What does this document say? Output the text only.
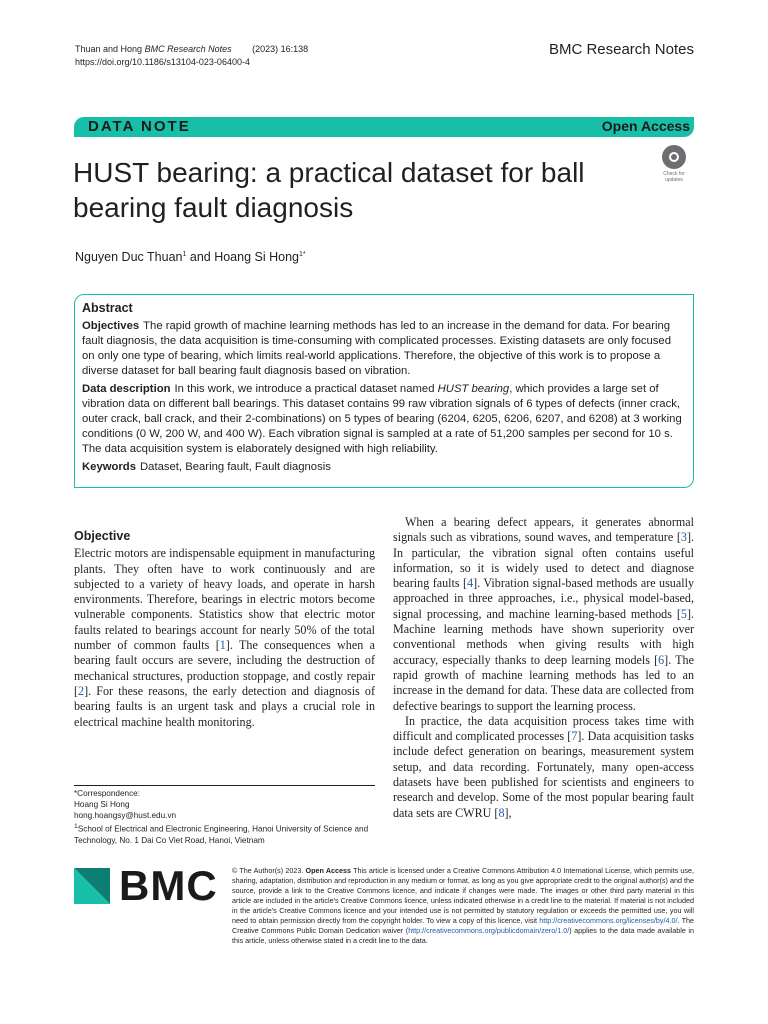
Thuan and Hong BMC Research Notes (2023) 16:138
https://doi.org/10.1186/s13104-023-06400-4
BMC Research Notes
DATA NOTE	Open Access
HUST bearing: a practical dataset for ball bearing fault diagnosis
Check for
updates
Nguyen Duc Thuan$^1$ and Hoang Si Hong$^{1*}$
Abstract

Objectives The rapid growth of machine learning methods has led to an increase in the demand for data. For bearing fault diagnosis, the data acquisition is time-consuming with complicated processes. Existing datasets are only focused on only one type of bearing, which limits real-world applications. Therefore, the objective of this work is to propose a diverse dataset for ball bearing fault diagnosis based on vibration.

Data description In this work, we introduce a practical dataset named HUST bearing, which provides a large set of vibration data on different ball bearings. This dataset contains 99 raw vibration signals of 6 types of defects (inner crack, outer crack, ball crack, and their 2-combinations) on 5 types of bearing (6204, 6205, 6206, 6207, and 6208) at 3 working conditions (0 W, 200 W, and 400 W). Each vibration signal is sampled at a rate of 51,200 samples per second for 10 s. The data acquisition system is elaborately designed with high reliability.

Keywords Dataset, Bearing fault, Fault diagnosis

Objective

Electric motors are indispensable equipment in manufacturing plants. They often have to work continuously and are subjected to a variety of heavy loads, and operate in harsh environments. Therefore, bearings in electric motors become vulnerable components. Statistics show that electric motor faults related to bearings account for nearly 50% of the total number of common faults [1]. The consequences when a bearing fault occurs are severe, including the destruction of mechanical structures, production stoppage, and costly repair [2]. For these reasons, the early detection and diagnosis of bearing faults is an urgent task and plays a crucial role in electrical machine health monitoring.

When a bearing defect appears, it generates abnormal signals such as vibrations, sound waves, and temperature [3]. In particular, the vibration signal often contains useful information, so it is widely used to detect and diagnose bearing faults [4]. Vibration signal-based methods are usually approached in three approaches, i.e., physical model-based, signal processing, and machine learning-based methods [5]. Machine learning methods have shown superiority over conventional methods when giving results with high accuracy, especially thanks to deep learning models [6]. The rapid growth of machine learning methods has led to an increase in the demand for data. These data are collected from defective bearings to support the learning process.

In practice, the data acquisition process takes time with difficult and complicated processes [7]. Data acquisition tasks include defect generation on bearings, measurement system setup, and data recording. Fortunately, many open-access datasets have been published for scientists and engineers to research and develop. Some of the most popular bearing fault data sets are CWRU [8],

*Correspondence:
Hoang Si Hong
hong.hoangsy@hust.edu.vn
$^1$School of Electrical and Electronic Engineering, Hanoi University of Science and Technology, No. 1 Dai Co Viet Road, Hanoi, Vietnam
BMC © The Author(s) 2023. Open Access This article is licensed under a Creative Commons Attribution 4.0 International License, which permits use, sharing, adaptation, distribution and reproduction in any medium or format, as long as you give appropriate credit to the original author(s) and the source, provide a link to the Creative Commons licence, and indicate if changes were made. The images or other third party material in this article are included in the article's Creative Commons licence, unless indicated otherwise in a credit line to the material. If material is not included in the article's Creative Commons licence and your intended use is not permitted by statutory regulation or exceeds the permitted use, you will need to obtain permission directly from the copyright holder. To view a copy of this licence, visit http://creativecommons.org/licenses/by/4.0/. The Creative Commons Public Domain Dedication waiver (http://creativecommons.org/publicdomain/zero/1.0/) applies to the data made available in this article, unless otherwise stated in a credit line to the data.
